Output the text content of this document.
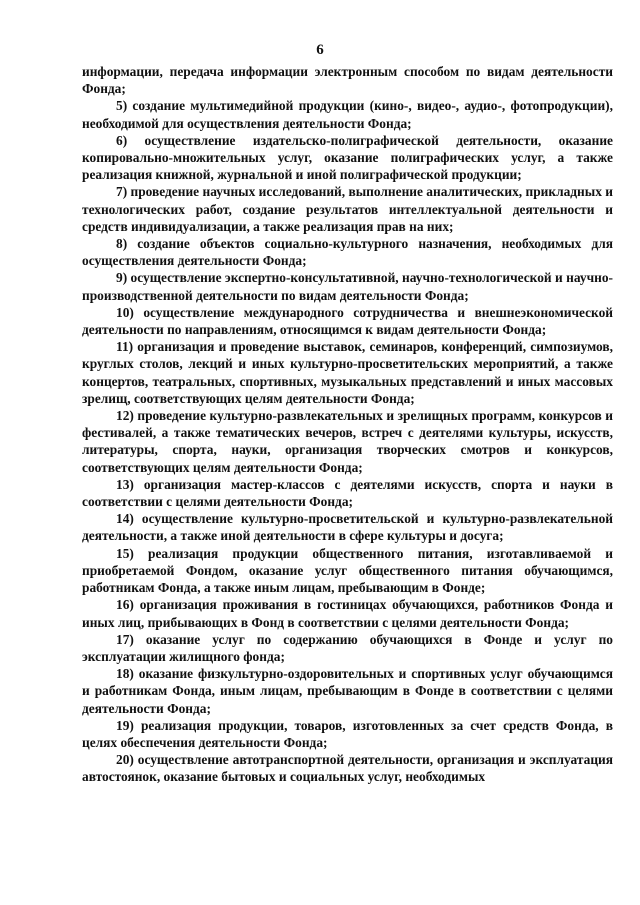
6

информации, передача информации электронным способом по видам деятельности Фонда;

5) создание мультимедийной продукции (кино-, видео-, аудио-, фотопродукции), необходимой для осуществления деятельности Фонда;

6) осуществление издательско-полиграфической деятельности, оказание копировально-множительных услуг, оказание полиграфических услуг, а также реализация книжной, журнальной и иной полиграфической продукции;

7) проведение научных исследований, выполнение аналитических, прикладных и технологических работ, создание результатов интеллектуальной деятельности и средств индивидуализации, а также реализация прав на них;

8) создание объектов социально-культурного назначения, необходимых для осуществления деятельности Фонда;

9) осуществление экспертно-консультативной, научно-технологической и научно-производственной деятельности по видам деятельности Фонда;

10) осуществление международного сотрудничества и внешнеэкономической деятельности по направлениям, относящимся к видам деятельности Фонда;

11) организация и проведение выставок, семинаров, конференций, симпозиумов, круглых столов, лекций и иных культурно-просветительских мероприятий, а также концертов, театральных, спортивных, музыкальных представлений и иных массовых зрелищ, соответствующих целям деятельности Фонда;

12) проведение культурно-развлекательных и зрелищных программ, конкурсов и фестивалей, а также тематических вечеров, встреч с деятелями культуры, искусств, литературы, спорта, науки, организация творческих смотров и конкурсов, соответствующих целям деятельности Фонда;

13) организация мастер-классов с деятелями искусств, спорта и науки в соответствии с целями деятельности Фонда;

14) осуществление культурно-просветительской и культурно-развлекательной деятельности, а также иной деятельности в сфере культуры и досуга;

15) реализация продукции общественного питания, изготавливаемой и приобретаемой Фондом, оказание услуг общественного питания обучающимся, работникам Фонда, а также иным лицам, пребывающим в Фонде;

16) организация проживания в гостиницах обучающихся, работников Фонда и иных лиц, прибывающих в Фонд в соответствии с целями деятельности Фонда;

17) оказание услуг по содержанию обучающихся в Фонде и услуг по эксплуатации жилищного фонда;

18) оказание физкультурно-оздоровительных и спортивных услуг обучающимся и работникам Фонда, иным лицам, пребывающим в Фонде в соответствии с целями деятельности Фонда;

19) реализация продукции, товаров, изготовленных за счет средств Фонда, в целях обеспечения деятельности Фонда;

20) осуществление автотранспортной деятельности, организация и эксплуатация автостоянок, оказание бытовых и социальных услуг, необходимых
